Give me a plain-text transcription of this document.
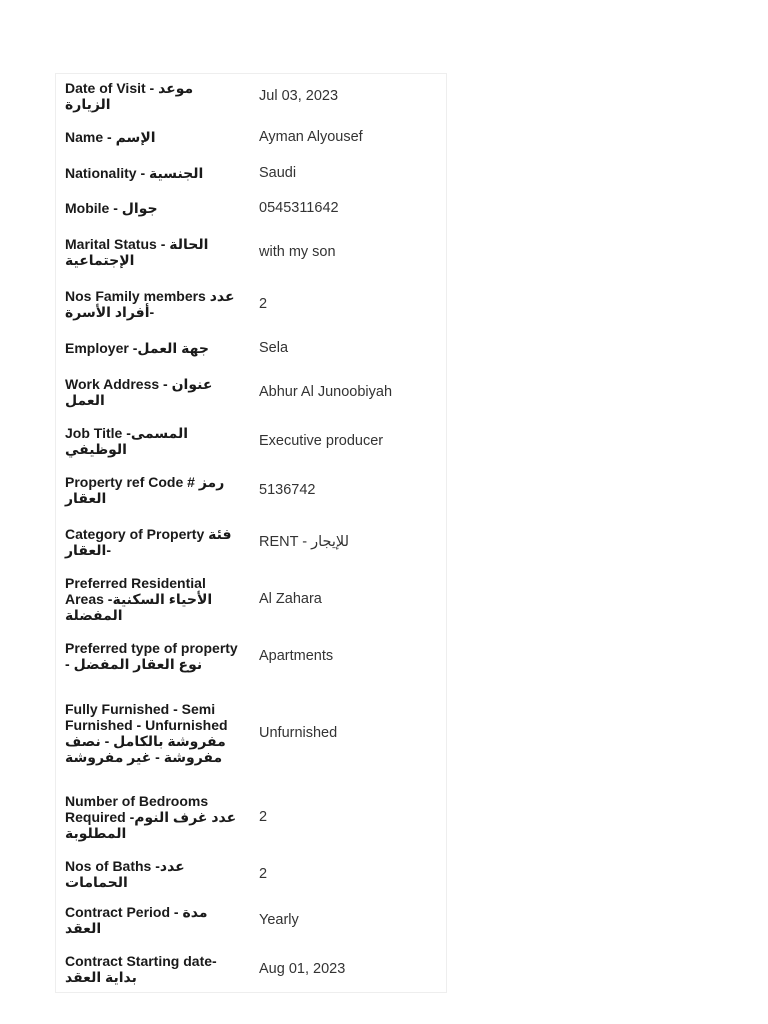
Date of Visit - موعد الزيارة	Jul 03, 2023
Name - الإسم	Ayman Alyousef
Nationality - الجنسية	Saudi
Mobile - جوال	0545311642
Marital Status - الحالة الإجتماعية	with my son
Nos Family members عدد أفراد الأسرة-	2
Employer -جهة العمل	Sela
Work Address - عنوان العمل	Abhur Al Junoobiyah
Job Title -المسمى الوظيفي	Executive producer
Property ref Code # رمز العقار	5136742
Category of Property فئة العقار-	RENT - للإيجار
Preferred Residential Areas -الأحياء السكنية المفضلة	Al Zahara
Preferred type of property - نوع العقار المفضل	Apartments
Fully Furnished - Semi Furnished - Unfurnished مفروشة بالكامل - نصف مفروشة - غير مفروشة	Unfurnished
Number of Bedrooms Required -عدد غرف النوم المطلوبة	2
Nos of Baths -عدد الحمامات	2
Contract Period - مدة العقد	Yearly
Contract Starting date- بداية العقد	Aug 01, 2023
